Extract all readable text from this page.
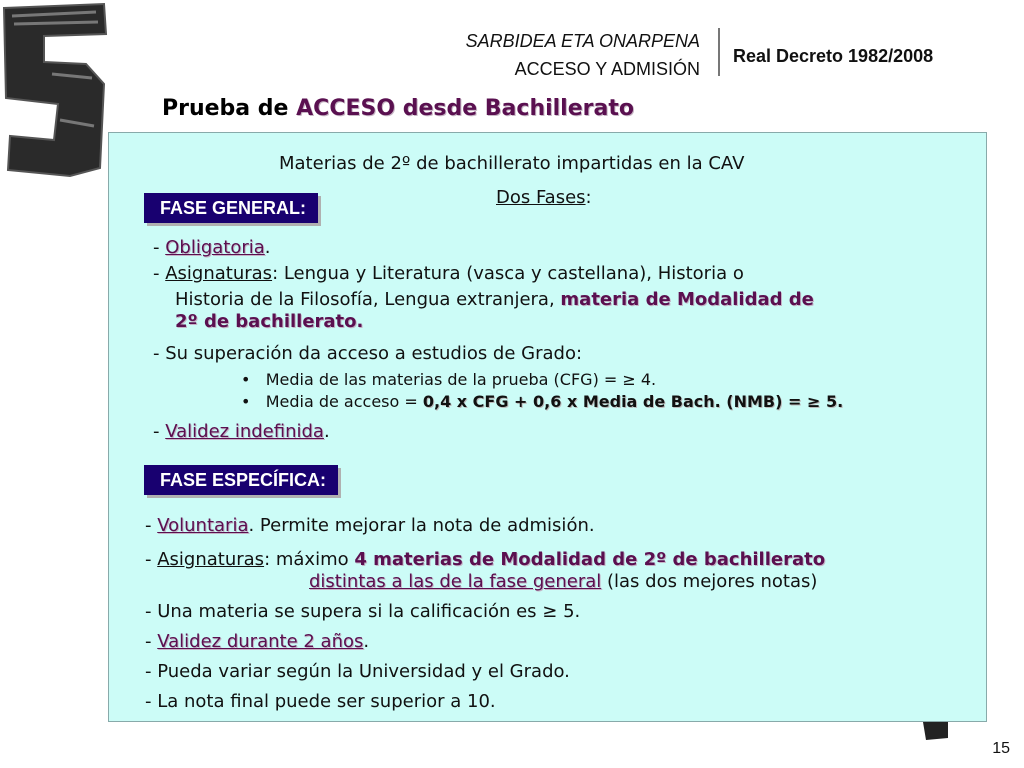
SARBIDEA ETA ONARPENA
ACCESO Y ADMISIÓN
Real Decreto 1982/2008
Prueba de ACCESO desde Bachillerato
Materias de 2º de bachillerato impartidas en la CAV
Dos Fases:
FASE GENERAL:
- Obligatoria.
- Asignaturas: Lengua y Literatura (vasca y castellana), Historia o
Historia de la Filosofía, Lengua extranjera, materia de Modalidad de
2º de bachillerato.
- Su superación da acceso a estudios de Grado:
•   Media de las materias de la prueba (CFG) = ≥ 4.
•   Media de acceso = 0,4 x CFG + 0,6 x Media de Bach. (NMB) = ≥ 5.
- Validez indefinida.
FASE ESPECÍFICA:
- Voluntaria. Permite mejorar la nota de admisión.
- Asignaturas: máximo 4 materias de Modalidad de 2º de bachillerato
distintas a las de la fase general (las dos mejores notas)
- Una materia se supera si la calificación es ≥ 5.
- Validez durante 2 años.
- Pueda variar según la Universidad y el Grado.
- La nota final puede ser superior a 10.
15
